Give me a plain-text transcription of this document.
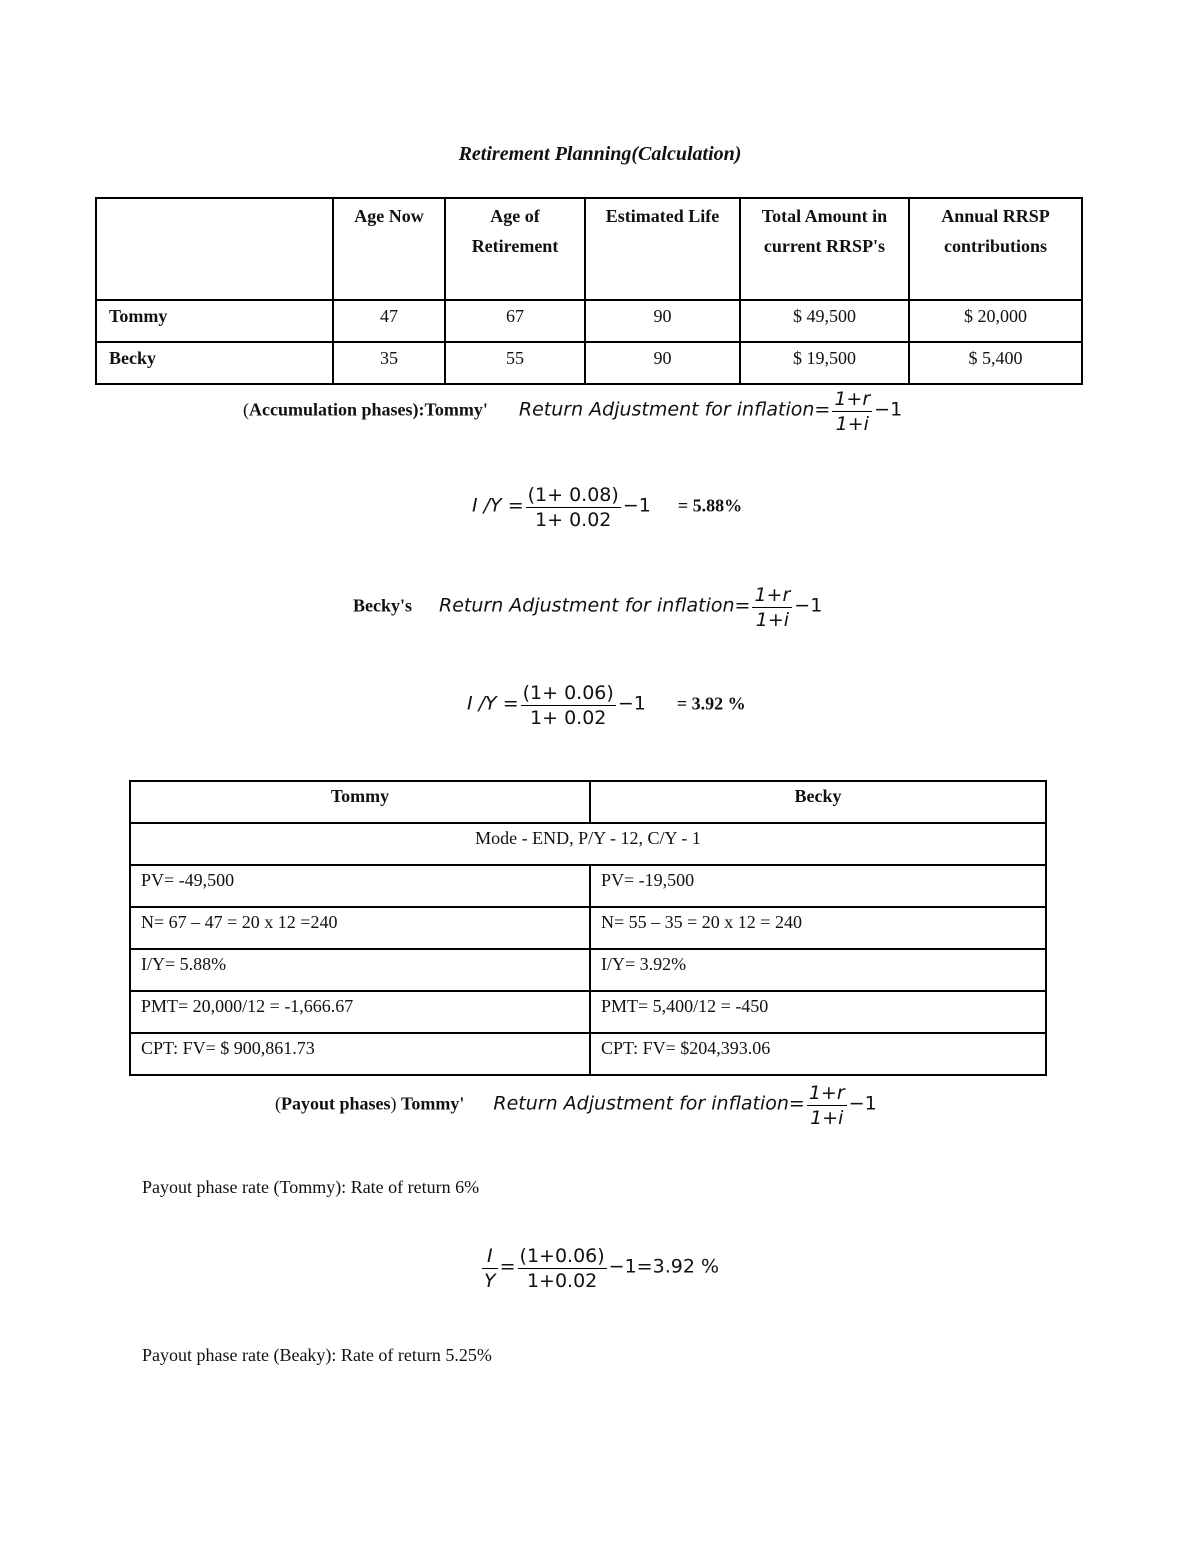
Retirement Planning(Calculation)
	Age Now	Age of Retirement	Estimated Life	Total Amount in current RRSP's	Annual RRSP contributions
Tommy	47	67	90	$ 49,500	$ 20,000
Becky	35	55	90	$ 19,500	$ 5,400
(Accumulation phases):Tommy' Return Adjustment for inflation= $\frac{1+r}{1+i} -1$
I $/Y = \frac{(1+ 0.08)}{1+ 0.02} -1 = 5.88\%$
Becky's Return Adjustment for inflation= $\frac{1+r}{1+i} -1$
I $/Y = \frac{(1+ 0.06)}{1+ 0.02} -1 = 3.92$ %
Tommy	Becky
Mode - END, P/Y - 12, C/Y - 1	
PV= -49,500	PV= -19,500
N= 67 – 47 = 20 x 12 =240	N= 55 – 35 = 20 x 12 = 240
I/Y= 5.88%	I/Y= 3.92%
PMT= 20,000/12 = -1,666.67	PMT= 5,400/12 = -450
CPT: FV= $ 900,861.73	CPT: FV= $204,393.06
(Payout phases) Tommy' Return Adjustment for inflation= $\frac{1+r}{1+i} -1$
Payout phase rate (Tommy): Rate of return 6%
$\frac{I}{Y} = \frac{(1+0.06)}{1+0.02} -1=3.92$ %
Payout phase rate (Beaky): Rate of return 5.25%
